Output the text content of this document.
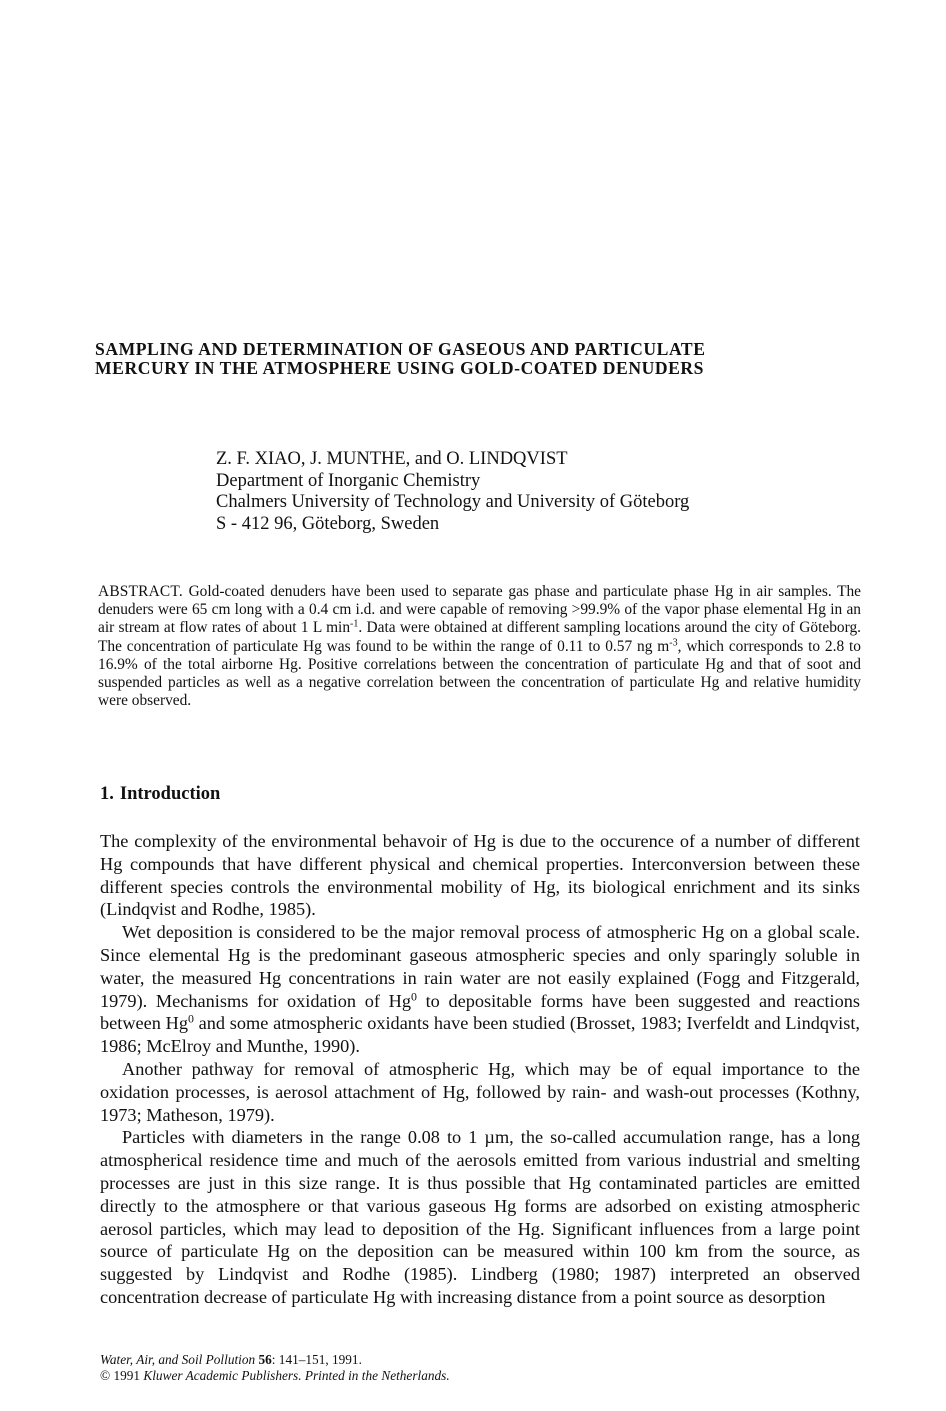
SAMPLING AND DETERMINATION OF GASEOUS AND PARTICULATE
MERCURY IN THE ATMOSPHERE USING GOLD-COATED DENUDERS
Z. F. XIAO, J. MUNTHE, and O. LINDQVIST
Department of Inorganic Chemistry
Chalmers University of Technology and University of Göteborg
S - 412 96, Göteborg, Sweden

ABSTRACT. Gold-coated denuders have been used to separate gas phase and particulate phase Hg in air samples. The denuders were 65 cm long with a 0.4 cm i.d. and were capable of removing >99.9% of the vapor phase elemental Hg in an air stream at flow rates of about 1 L $\min^{-1}$. Data were obtained at different sampling locations around the city of Göteborg. The concentration of particulate Hg was found to be within the range of 0.11 to 0.57 ng $m^{-3}$, which corresponds to 2.8 to 16.9% of the total airborne Hg. Positive correlations between the concentration of particulate Hg and that of soot and suspended particles as well as a negative correlation between the concentration of particulate Hg and relative humidity were observed.

1. Introduction

The complexity of the environmental behavoir of Hg is due to the occurence of a number of different Hg compounds that have different physical and chemical properties. Interconversion between these different species controls the environmental mobility of Hg, its biological enrichment and its sinks (Lindqvist and Rodhe, 1985).

Wet deposition is considered to be the major removal process of atmospheric Hg on a global scale. Since elemental Hg is the predominant gaseous atmospheric species and only sparingly soluble in water, the measured Hg concentrations in rain water are not easily explained (Fogg and Fitzgerald, 1979). Mechanisms for oxidation of Hg$^0$ to depositable forms have been suggested and reactions between Hg$^0$ and some atmospheric oxidants have been studied (Brosset, 1983; Iverfeldt and Lindqvist, 1986; McElroy and Munthe, 1990).

Another pathway for removal of atmospheric Hg, which may be of equal importance to the oxidation processes, is aerosol attachment of Hg, followed by rain- and wash-out processes (Kothny, 1973; Matheson, 1979).

Particles with diameters in the range 0.08 to 1 µm, the so-called accumulation range, has a long atmospherical residence time and much of the aerosols emitted from various industrial and smelting processes are just in this size range. It is thus possible that Hg contaminated particles are emitted directly to the atmosphere or that various gaseous Hg forms are adsorbed on existing atmospheric aerosol particles, which may lead to deposition of the Hg. Significant influences from a large point source of particulate Hg on the deposition can be measured within 100 km from the source, as suggested by Lindqvist and Rodhe (1985). Lindberg (1980; 1987) interpreted an observed concentration decrease of particulate Hg with increasing distance from a point source as desorption

Water, Air, and Soil Pollution 56: 141–151, 1991.
© 1991 Kluwer Academic Publishers. Printed in the Netherlands.
